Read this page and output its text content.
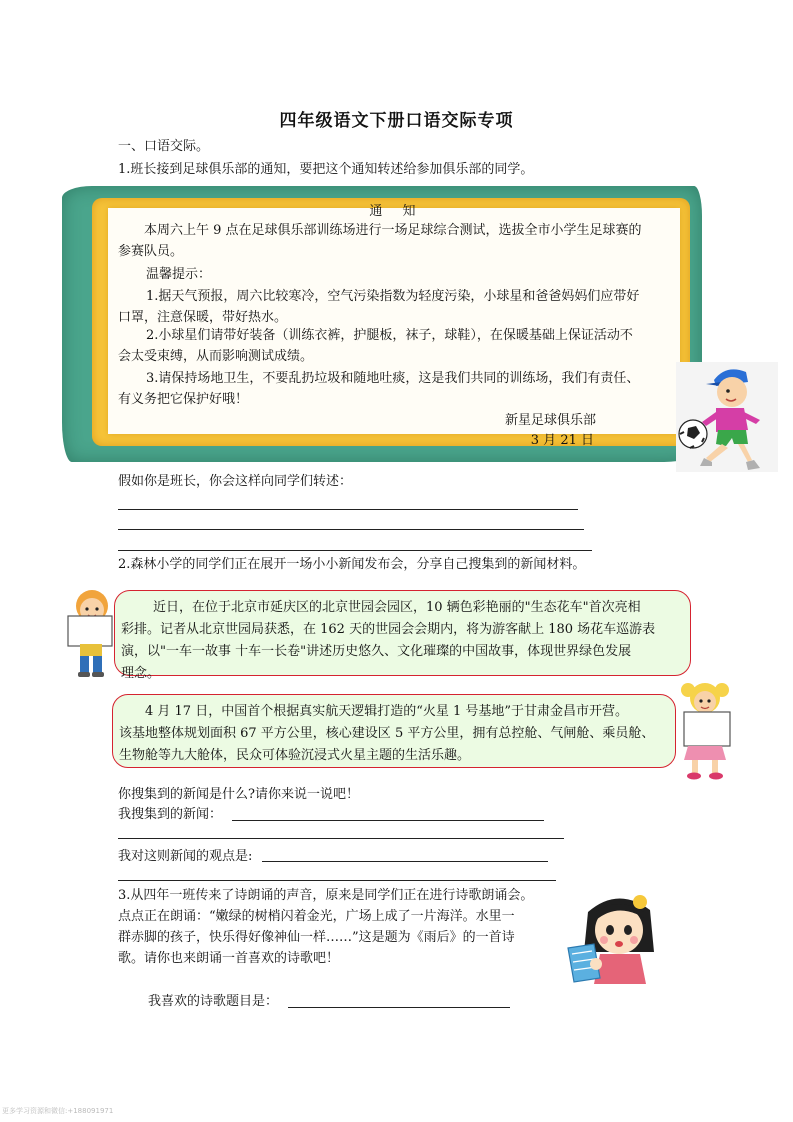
四年级语文下册口语交际专项
一、口语交际。
1.班长接到足球俱乐部的通知，要把这个通知转述给参加俱乐部的同学。
通 知
本周六上午 9 点在足球俱乐部训练场进行一场足球综合测试，选拔全市小学生足球赛的
参赛队员。
温馨提示：
1.据天气预报，周六比较寒冷，空气污染指数为轻度污染，小球星和爸爸妈妈们应带好
口罩，注意保暖，带好热水。
2.小球星们请带好装备（训练衣裤，护腿板，袜子，球鞋），在保暖基础上保证活动不
会太受束缚，从而影响测试成绩。
3.请保持场地卫生，不要乱扔垃圾和随地吐痰，这是我们共同的训练场，我们有责任、
有义务把它保护好哦！
新星足球俱乐部
3 月 21 日
假如你是班长，你会这样向同学们转述：
2.森林小学的同学们正在展开一场小小新闻发布会，分享自己搜集到的新闻材料。
近日，在位于北京市延庆区的北京世园会园区，10 辆色彩艳丽的"生态花车"首次亮相
彩排。记者从北京世园局获悉，在 162 天的世园会会期内，将为游客献上 180 场花车巡游表
演，以"一车一故事 十车一长卷"讲述历史悠久、文化璀璨的中国故事，体现世界绿色发展
理念。
4 月 17 日，中国首个根据真实航天逻辑打造的“火星 1 号基地”于甘肃金昌市开营。
该基地整体规划面积 67 平方公里，核心建设区 5 平方公里，拥有总控舱、气闸舱、乘员舱、
生物舱等九大舱体，民众可体验沉浸式火星主题的生活乐趣。
你搜集到的新闻是什么?请你来说一说吧！
我搜集到的新闻：
我对这则新闻的观点是:
3.从四年一班传来了诗朗诵的声音，原来是同学们正在进行诗歌朗诵会。
点点正在朗诵：“嫩绿的树梢闪着金光，广场上成了一片海洋。水里一
群赤脚的孩子，快乐得好像神仙一样……”这是题为《雨后》的一首诗
歌。请你也来朗诵一首喜欢的诗歌吧！
我喜欢的诗歌题目是：
更多学习资源和微信:+188091971
